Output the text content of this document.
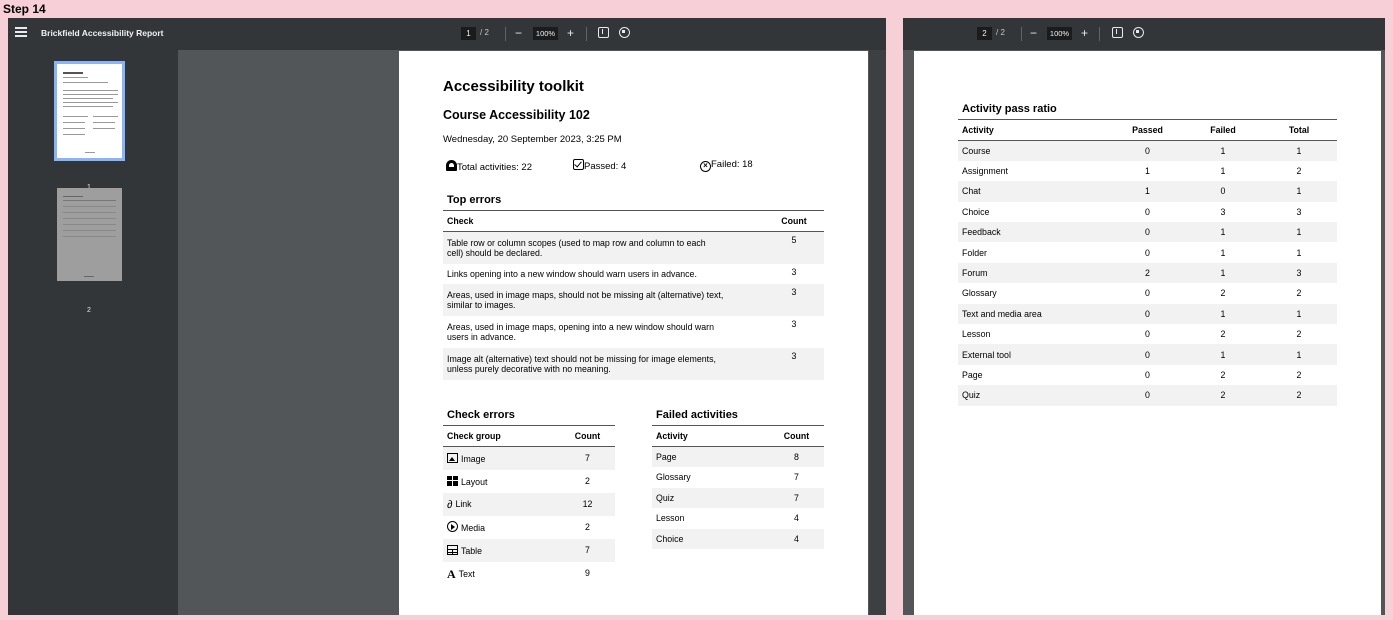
Step 14
Brickfield Accessibility Report	1	/ 2 −	100% +
2
Accessibility toolkit
Course Accessibility 102
Wednesday, 20 September 2023, 3:25 PM
Total activities: 22	Passed: 4	× Failed: 18
Top errors
Check	Count
Table row or column scopes (used to map row and column to each cell) should be declared.	5
Links opening into a new window should warn users in advance.	3
Areas, used in image maps, should not be missing alt (alternative) text, similar to images.	3
Areas, used in image maps, opening into a new window should warn users in advance.	3
Image alt (alternative) text should not be missing for image elements, unless purely decorative with no meaning.	3
Check errors
Check group	Count
Image	7
Layout	2
∂ Link	12
Media	2
Table	7
A Text	9
Failed activities
Activity	Count
Page	8
Glossary	7
Quiz	7
Lesson	4
Choice	4
2	/ 2 −	100% +
Activity pass ratio
Activity	Passed	Failed	Total
Course	0	1	1
Assignment	1	1	2
Chat	1	0	1
Choice	0	3	3
Feedback	0	1	1
Folder	0	1	1
Forum	2	1	3
Glossary	0	2	2
Text and media area	0	1	1
Lesson	0	2	2
External tool	0	1	1
Page	0	2	2
Quiz	0	2	2
